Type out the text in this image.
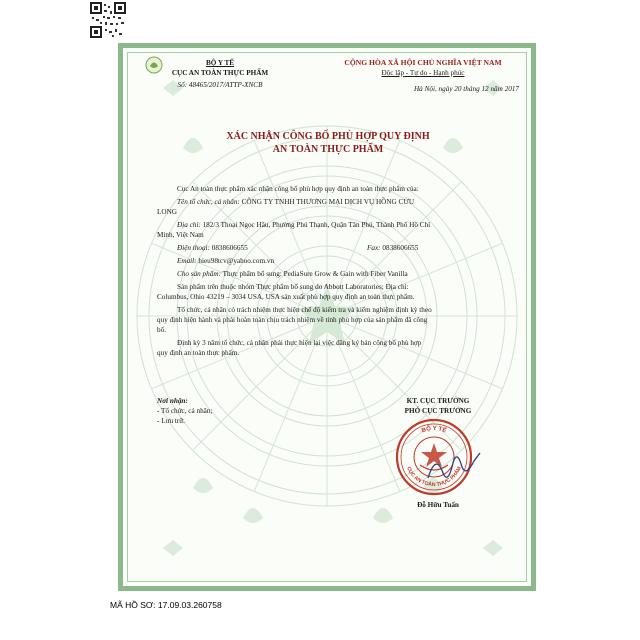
BỘ Y TẾ
CỤC AN TOÀN THỰC PHẨM
Số: 48465/2017/ATTP-XNCB
CỘNG HÒA XÃ HỘI CHỦ NGHĨA VIỆT NAM
Độc lập - Tự do - Hạnh phúc
Hà Nội, ngày 20 tháng 12 năm 2017
XÁC NHẬN CÔNG BỐ PHÙ HỢP QUY ĐỊNH
AN TOÀN THỰC PHẨM
Cục An toàn thực phẩm xác nhận công bố phù hợp quy định an toàn thực phẩm của:
Tên tổ chức, cá nhân: CÔNG TY TNHH THƯƠNG MẠI DỊCH VỤ HỒNG CỬU
LONG
Địa chỉ: 182/3 Thoại Ngọc Hầu, Phường Phú Thạnh, Quận Tân Phú, Thành Phố Hồ Chí
Minh, Việt Nam
Điện thoại: 0838606655	Fax: 0838606655
Email: hieu98tcv@yahoo.com.vn
Cho sản phẩm: Thực phẩm bổ sung: PediaSure Grow & Gain with Fiber Vanilla
Sản phẩm trên thuộc nhóm Thực phẩm bổ sung do Abbott Laboratories; Địa chỉ:
Columbus, Ohio 43219 – 3034 USA, USA sản xuất phù hợp quy định an toàn thực phẩm.
Tổ chức, cá nhân có trách nhiệm thực hiện chế độ kiểm tra và kiểm nghiệm định kỳ theo
quy định hiện hành và phải hoàn toàn chịu trách nhiệm về tính phù hợp của sản phẩm đã công
bố.
Định kỳ 3 năm tổ chức, cá nhân phải thực hiện lại việc đăng ký bản công bố phù hợp
quy định an toàn thực phẩm.
Nơi nhận:
- Tổ chức, cá nhân;
- Lưu trữ.
KT. CỤC TRƯỞNG
PHÓ CỤC TRƯỞNG
BỘ Y TẾ
CỤC AN TOÀN THỰC PHẨM
Đỗ Hữu Tuấn
MÃ HỒ SƠ: 17.09.03.260758
